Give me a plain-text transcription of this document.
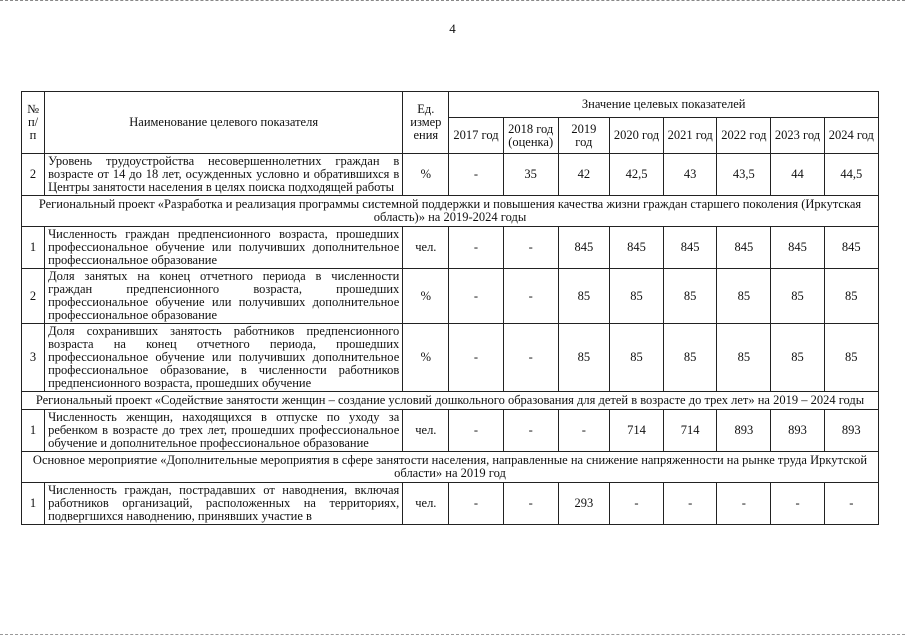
4
№ п/п	Наименование целевого показателя	Ед. измер ения	Значение целевых показателей							
			2017 год	2018 год (оценка)	2019 год	2020 год	2021 год	2022 год	2023 год	2024 год
2	Уровень трудоустройства несовершеннолетних граждан в возрасте от 14 до 18 лет, осужденных условно и обратившихся в Центры занятости населения в целях поиска подходящей работы	%	-	35	42	42,5	43	43,5	44	44,5
Региональный проект «Разработка и реализация программы системной поддержки и повышения качества жизни граждан старшего поколения (Иркутская область)» на 2019-2024 годы										
1	Численность граждан предпенсионного возраста, прошедших профессиональное обучение или получивших дополнительное профессиональное образование	чел.	-	-	845	845	845	845	845	845
2	Доля занятых на конец отчетного периода в численности граждан предпенсионного возраста, прошедших профессиональное обучение или получивших дополнительное профессиональное образование	%	-	-	85	85	85	85	85	85
3	Доля сохранивших занятость работников предпенсионного возраста на конец отчетного периода, прошедших профессиональное обучение или получивших дополнительное профессиональное образование, в численности работников предпенсионного возраста, прошедших обучение	%	-	-	85	85	85	85	85	85
Региональный проект «Содействие занятости женщин – создание условий дошкольного образования для детей в возрасте до трех лет» на 2019 – 2024 годы										
1	Численность женщин, находящихся в отпуске по уходу за ребенком в возрасте до трех лет, прошедших профессиональное обучение и дополнительное профессиональное образование	чел.	-	-	-	714	714	893	893	893
Основное мероприятие «Дополнительные мероприятия в сфере занятости населения, направленные на снижение напряженности на рынке труда Иркутской области» на 2019 год										
1	Численность граждан, пострадавших от наводнения, включая работников организаций, расположенных на территориях, подвергшихся наводнению, принявших участие в	чел.	-	-	293	-	-	-	-	-
